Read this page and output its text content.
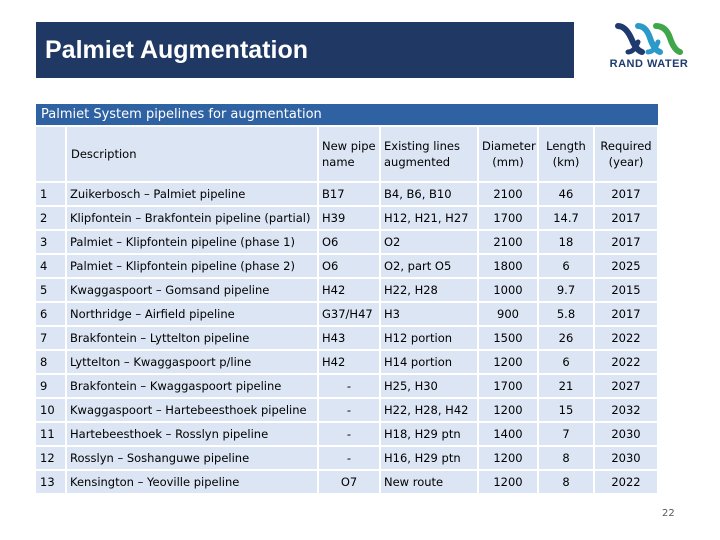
Palmiet Augmentation	RAND WATER
Palmiet System pipelines for augmentation
	Description	New pipe name	Existing lines augmented	Diameter (mm)	Length (km)	Required (year)
1	Zuikerbosch – Palmiet pipeline	B17	B4, B6, B10	2100	46	2017
2	Klipfontein – Brakfontein pipeline (partial)	H39	H12, H21, H27	1700	14.7	2017
3	Palmiet – Klipfontein pipeline (phase 1)	O6	O2	2100	18	2017
4	Palmiet – Klipfontein pipeline (phase 2)	O6	O2, part O5	1800	6	2025
5	Kwaggaspoort – Gomsand pipeline	H42	H22, H28	1000	9.7	2015
6	Northridge – Airfield pipeline	G37/H47	H3	900	5.8	2017
7	Brakfontein – Lyttelton pipeline	H43	H12 portion	1500	26	2022
8	Lyttelton – Kwaggaspoort p/line	H42	H14 portion	1200	6	2022
9	Brakfontein – Kwaggaspoort pipeline	-	H25, H30	1700	21	2027
10	Kwaggaspoort – Hartebeesthoek pipeline	-	H22, H28, H42	1200	15	2032
11	Hartebeesthoek – Rosslyn pipeline	-	H18, H29 ptn	1400	7	2030
12	Rosslyn – Soshanguwe pipeline	-	H16, H29 ptn	1200	8	2030
13	Kensington – Yeoville pipeline	O7	New route	1200	8	2022
22
